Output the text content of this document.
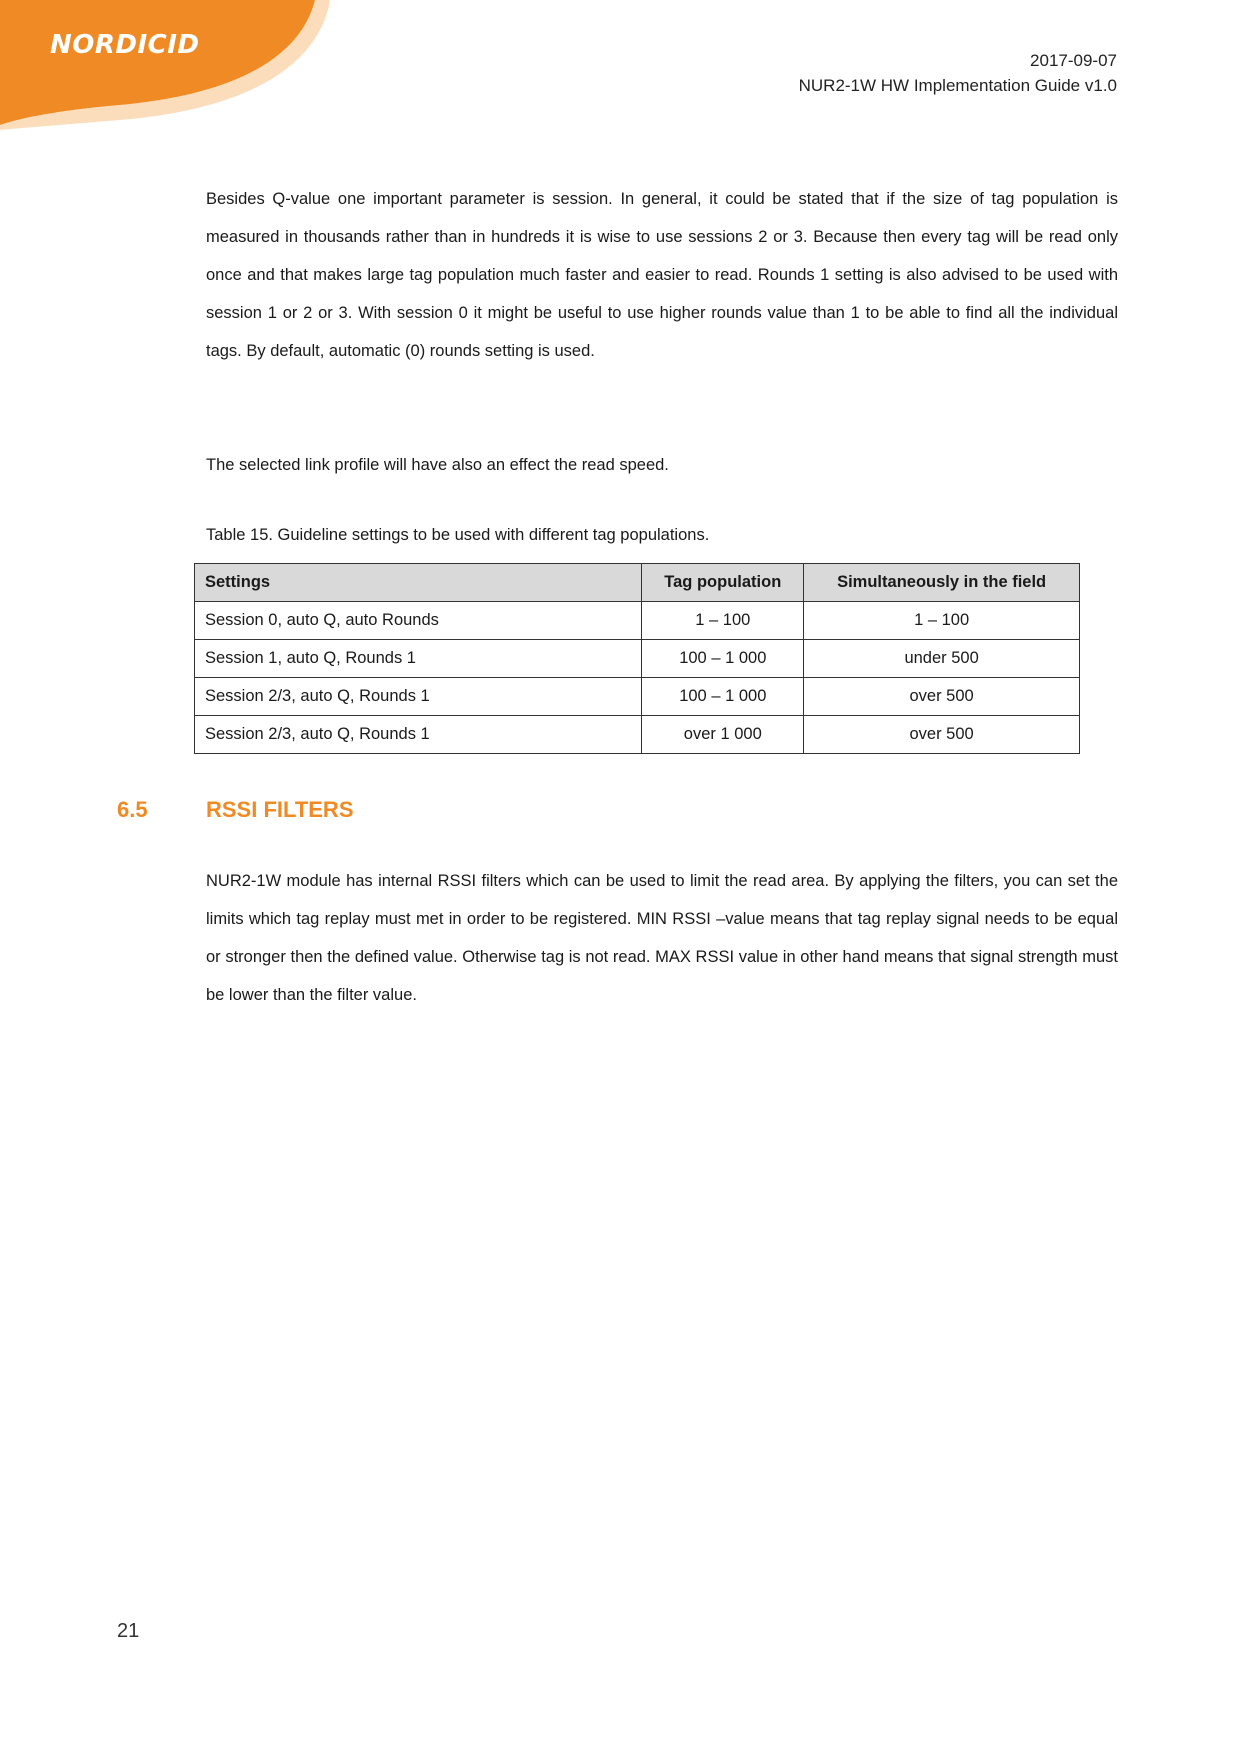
NORDICID
2017-09-07
NUR2-1W HW Implementation Guide v1.0

Besides Q-value one important parameter is session. In general, it could be stated that if the size of tag population is measured in thousands rather than in hundreds it is wise to use sessions 2 or 3. Because then every tag will be read only once and that makes large tag population much faster and easier to read. Rounds 1 setting is also advised to be used with session 1 or 2 or 3. With session 0 it might be useful to use higher rounds value than 1 to be able to find all the individual tags. By default, automatic (0) rounds setting is used.

The selected link profile will have also an effect the read speed.

Table 15. Guideline settings to be used with different tag populations.
Settings	Tag population	Simultaneously in the field
Session 0, auto Q, auto Rounds	1 – 100	1 – 100
Session 1, auto Q, Rounds 1	100 – 1 000	under 500
Session 2/3, auto Q, Rounds 1	100 – 1 000	over 500
Session 2/3, auto Q, Rounds 1	over 1 000	over 500
6.5	RSSI FILTERS

NUR2-1W module has internal RSSI filters which can be used to limit the read area. By applying the filters, you can set the limits which tag replay must met in order to be registered. MIN RSSI –value means that tag replay signal needs to be equal or stronger then the defined value. Otherwise tag is not read. MAX RSSI value in other hand means that signal strength must be lower than the filter value.

21
